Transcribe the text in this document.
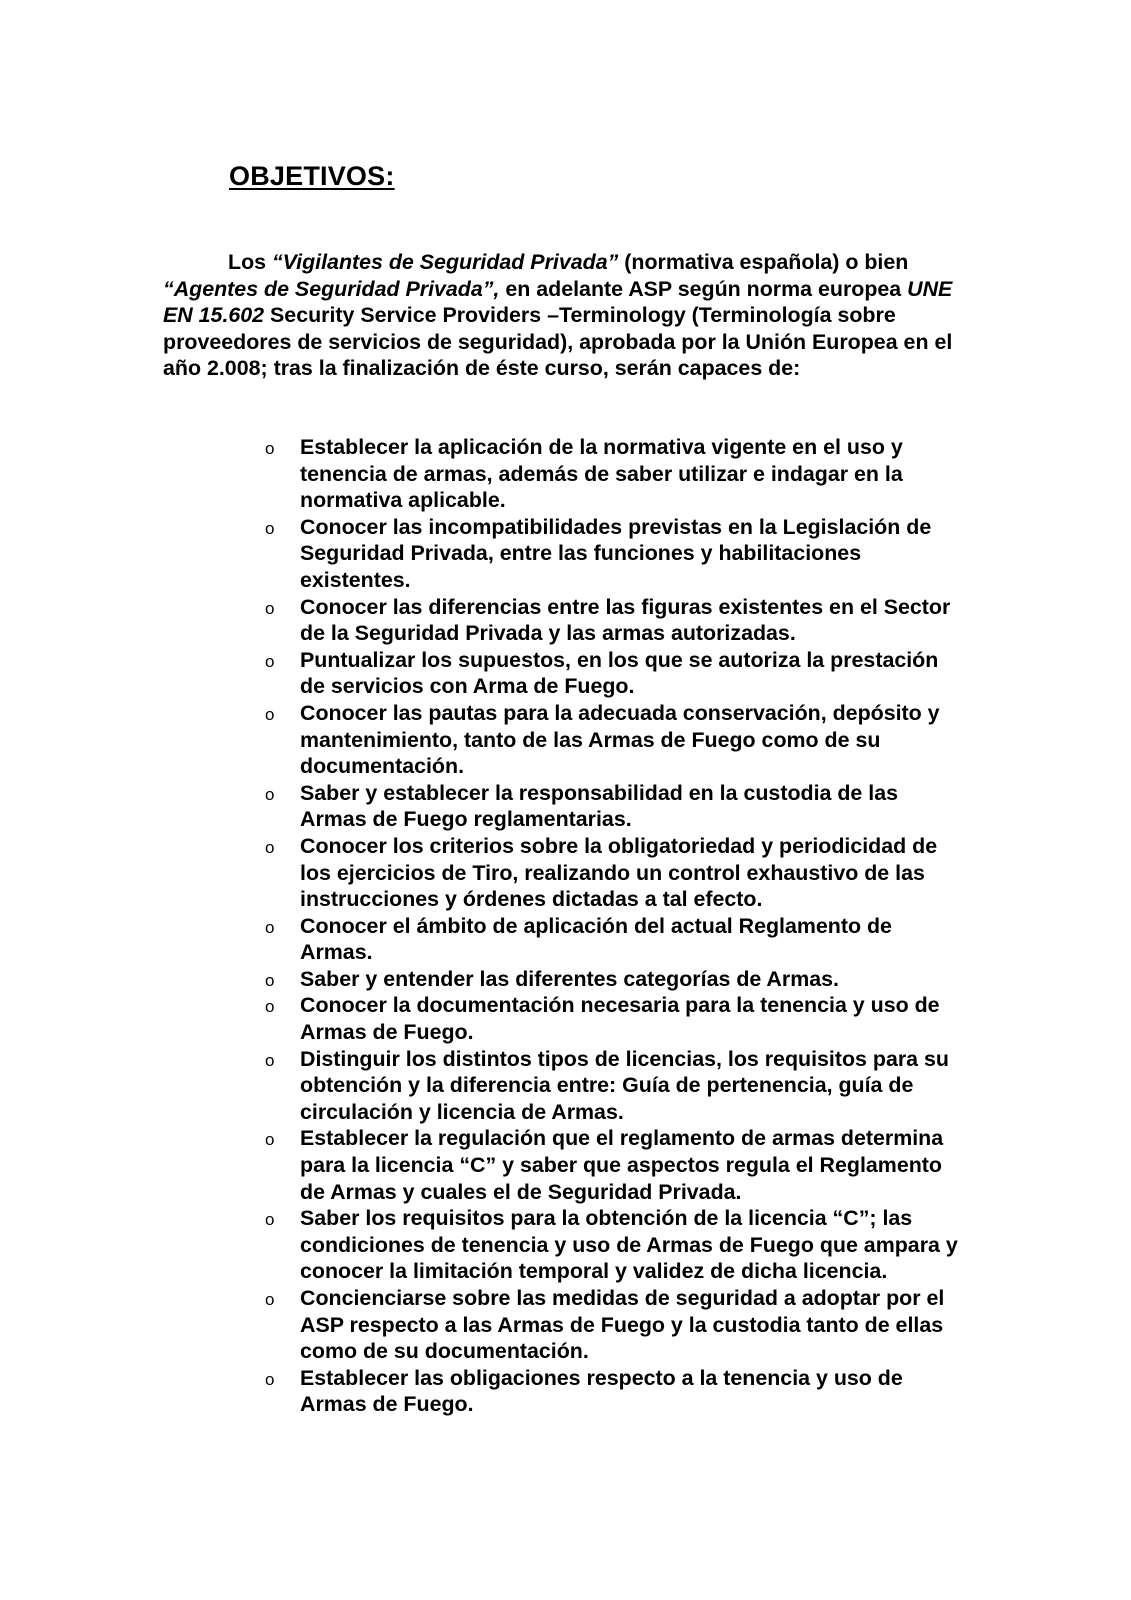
OBJETIVOS:

Los “Vigilantes de Seguridad Privada” (normativa española) o bien “Agentes de Seguridad Privada”, en adelante ASP según norma europea UNE EN 15.602 Security Service Providers –Terminology (Terminología sobre proveedores de servicios de seguridad), aprobada por la Unión Europea en el año 2.008; tras la finalización de éste curso, serán capaces de:

o Establecer la aplicación de la normativa vigente en el uso y tenencia de armas, además de saber utilizar e indagar en la normativa aplicable.
o Conocer las incompatibilidades previstas en la Legislación de Seguridad Privada, entre las funciones y habilitaciones existentes.
o Conocer las diferencias entre las figuras existentes en el Sector de la Seguridad Privada y las armas autorizadas.
o Puntualizar los supuestos, en los que se autoriza la prestación de servicios con Arma de Fuego.
o Conocer las pautas para la adecuada conservación, depósito y mantenimiento, tanto de las Armas de Fuego como de su documentación.
o Saber y establecer la responsabilidad en la custodia de las Armas de Fuego reglamentarias.
o Conocer los criterios sobre la obligatoriedad y periodicidad de los ejercicios de Tiro, realizando un control exhaustivo de las instrucciones y órdenes dictadas a tal efecto.
o Conocer el ámbito de aplicación del actual Reglamento de Armas.
o Saber y entender las diferentes categorías de Armas.
o Conocer la documentación necesaria para la tenencia y uso de Armas de Fuego.
o Distinguir los distintos tipos de licencias, los requisitos para su obtención y la diferencia entre: Guía de pertenencia, guía de circulación y licencia de Armas.
o Establecer la regulación que el reglamento de armas determina para la licencia “C” y saber que aspectos regula el Reglamento de Armas y cuales el de Seguridad Privada.
o Saber los requisitos para la obtención de la licencia “C”; las condiciones de tenencia y uso de Armas de Fuego que ampara y conocer la limitación temporal y validez de dicha licencia.
o Concienciarse sobre las medidas de seguridad a adoptar por el ASP respecto a las Armas de Fuego y la custodia tanto de ellas como de su documentación.
o Establecer las obligaciones respecto a la tenencia y uso de Armas de Fuego.
